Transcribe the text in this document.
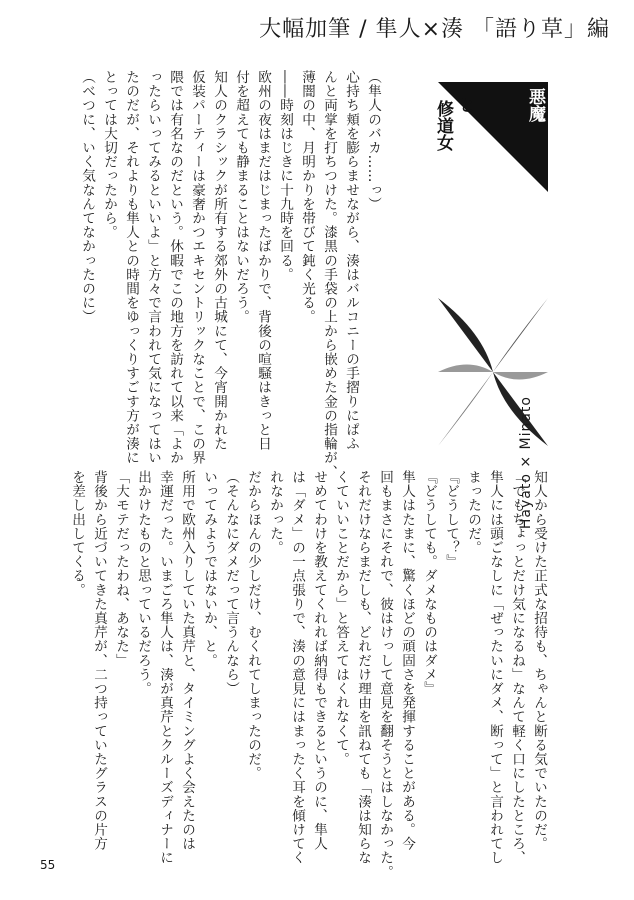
大幅加筆 / 隼人×湊 「語り草」編
悪魔
と
修道女
Hayato × Minato

（隼人のバカ……っ）

心持ち頬を膨らませながら、湊はバルコニーの手摺りにぱふ

んと両掌を打ちつけた。漆黒の手袋の上から嵌めた金の指輪が、

薄闇の中、月明かりを帯びて鈍く光る。

――時刻はじきに十九時を回る。

欧州の夜はまだはじまったばかりで、背後の喧騒はきっと日

付を超えても静まることはないだろう。

知人のクラシックが所有する郊外の古城にて、今宵開かれた

仮装パーティーは豪奢かつエキセントリックなことで、この界

隈では有名なのだという。休暇でこの地方を訪れて以来「よか

ったらいってみるといいよ」と方々で言われて気になってはい

たのだが、それよりも隼人との時間をゆっくりすごす方が湊に

とっては大切だったから。

（べつに、いく気なんてなかったのに）

知人から受けた正式な招待も、ちゃんと断る気でいたのだ。

「でもちょっとだけ気になるね」なんて軽く口にしたところ、

隼人には頭ごなしに「ぜったいにダメ、断って」と言われてし

まったのだ。

『どうして？』

『どうしても。ダメなものはダメ』

隼人はたまに、驚くほどの頑固さを発揮することがある。今

回もまさにそれで、彼はけっして意見を翻そうとはしなかった。

それだけならまだしも、どれだけ理由を訊ねても「湊は知らな

くていいことだから」と答えてはくれなくて。

せめてわけを教えてくれれば納得もできるというのに、隼人

は「ダメ」の一点張りで、湊の意見にはまったく耳を傾けてく

れなかった。

だからほんの少しだけ、むくれてしまったのだ。

（そんなにダメだって言うんなら）

いってみようではないか、と。

所用で欧州入りしていた真芹と、タイミングよく会えたのは

幸運だった。いまごろ隼人は、湊が真芹とクルーズディナーに

出かけたものと思っているだろう。

「大モテだったわね、あなた」

背後から近づいてきた真芹が、二つ持っていたグラスの片方

を差し出してくる。

55
